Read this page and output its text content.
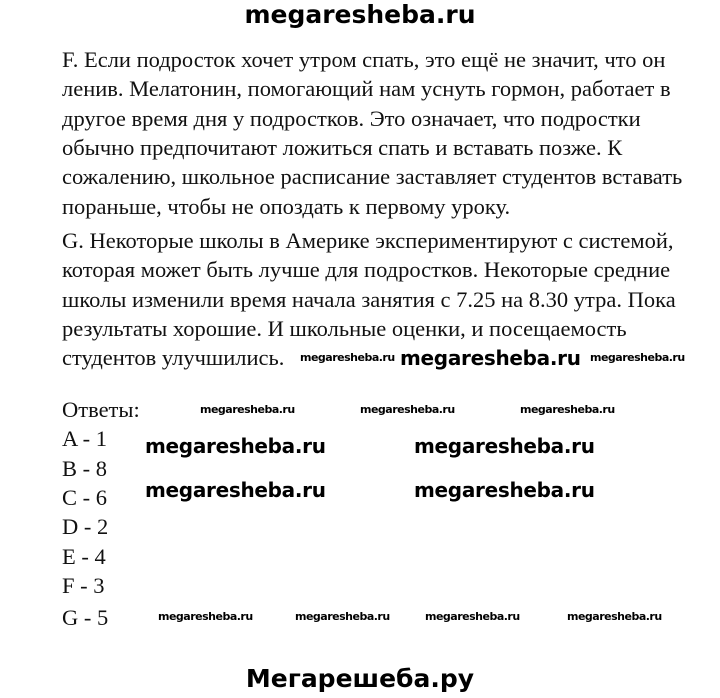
megaresheba.ru
F. Если подросток хочет утром спать, это ещё не значит, что он
ленив. Мелатонин, помогающий нам уснуть гормон, работает в
другое время дня у подростков. Это означает, что подростки
обычно предпочитают ложиться спать и вставать позже. К
сожалению, школьное расписание заставляет студентов вставать
пораньше, чтобы не опоздать к первому уроку.
G. Некоторые школы в Америке экспериментируют с системой,
которая может быть лучше для подростков. Некоторые средние
школы изменили время начала занятия с 7.25 на 8.30 утра. Пока
результаты хорошие. И школьные оценки, и посещаемость
студентов улучшились.
Ответы:
A - 1
B - 8
C - 6
D - 2
E - 4
F - 3
G - 5
megaresheba.ru megaresheba.ru megaresheba.ru
megaresheba.ru	megaresheba.ru	megaresheba.ru
megaresheba.ru	megaresheba.ru
megaresheba.ru	megaresheba.ru
megaresheba.ru	megaresheba.ru	megaresheba.ru	megaresheba.ru
Мегарешеба.ру
